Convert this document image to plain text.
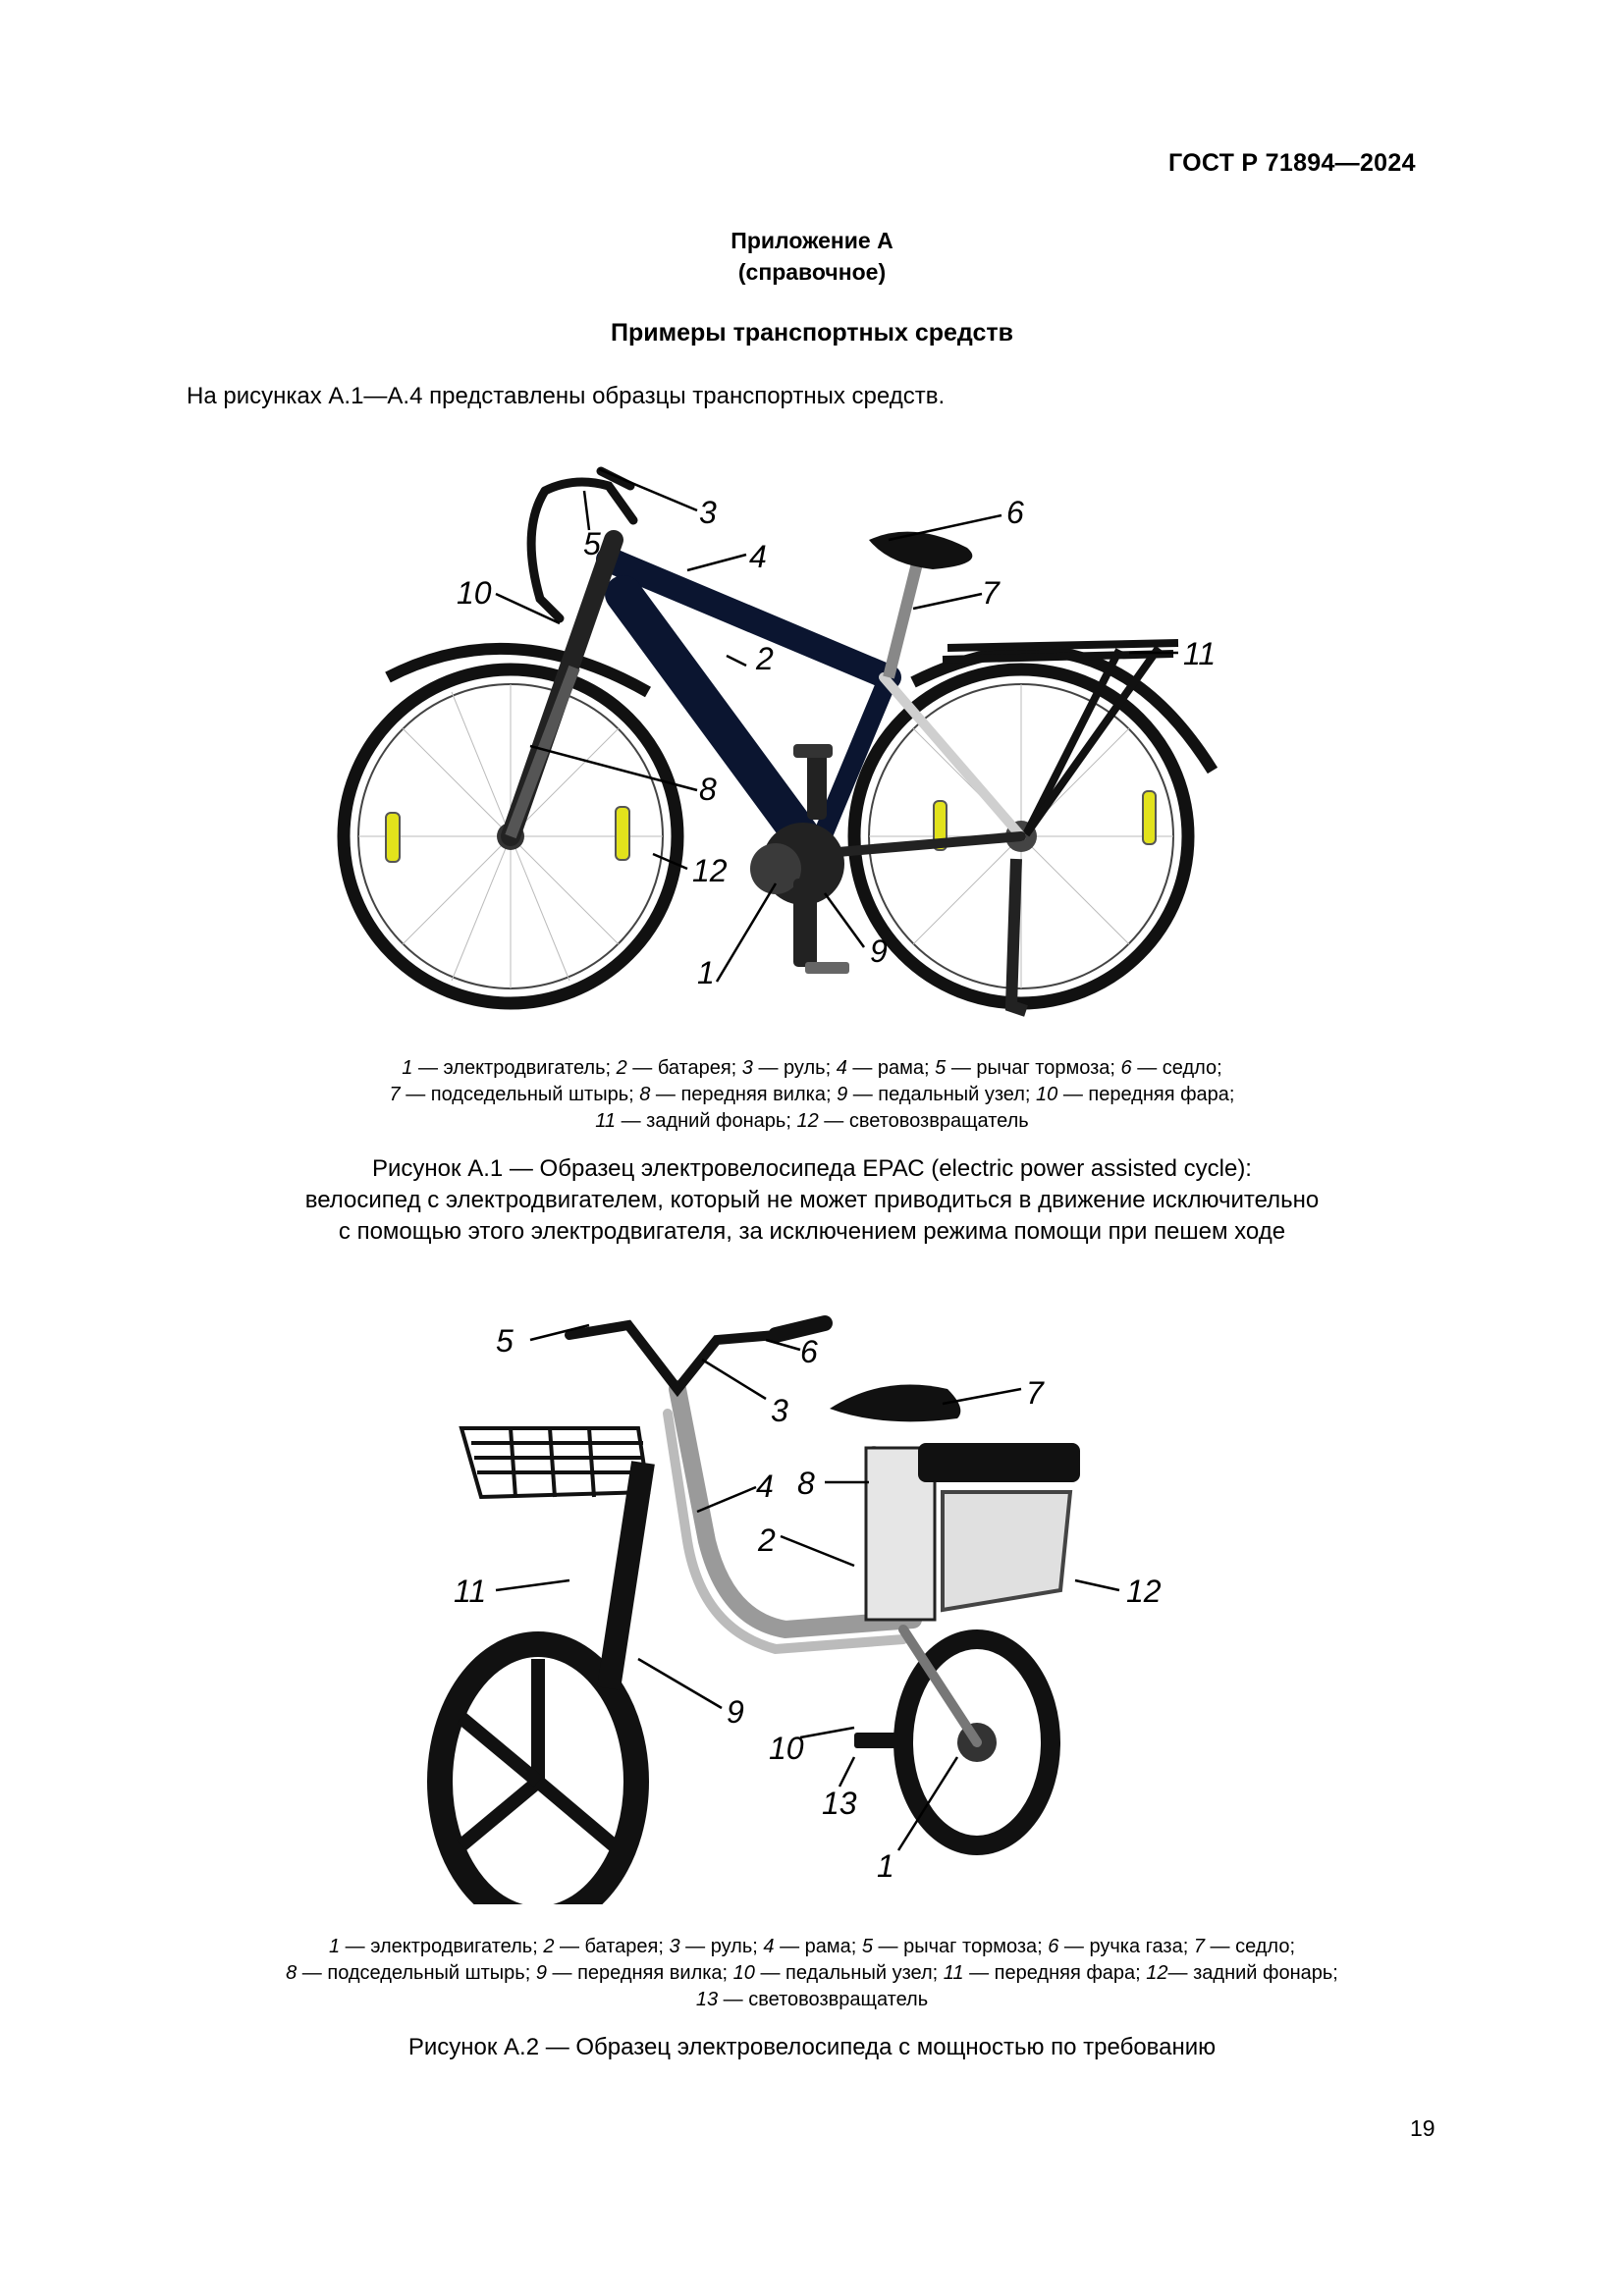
ГОСТ Р 71894—2024
Приложение А
(справочное)
Примеры транспортных средств
На рисунках А.1—А.4 представлены образцы транспортных средств.
3
5	4
10
2
6
7
8
11
12
1
9
1 — электродвигатель; 2 — батарея; 3 — руль; 4 — рама; 5 — рычаг тормоза; 6 — седло;
7 — подседельный штырь; 8 — передняя вилка; 9 — педальный узел; 10 — передняя фара;
11 — задний фонарь; 12 — световозвращатель
Рисунок А.1 — Образец электровелосипеда ЕРАС (electric power assisted cycle):
велосипед с электродвигателем, который не может приводиться в движение исключительно
с помощью этого электродвигателя, за исключением режима помощи при пешем ходе
5	6
3	7
8
4
2
11	12
9
10
13
1
1 — электродвигатель; 2 — батарея; 3 — руль; 4 — рама; 5 — рычаг тормоза; 6 — ручка газа; 7 — седло;
8 — подседельный штырь; 9 — передняя вилка; 10 — педальный узел; 11 — передняя фара; 12— задний фонарь;
13 — световозвращатель
Рисунок А.2 — Образец электровелосипеда с мощностью по требованию
19
